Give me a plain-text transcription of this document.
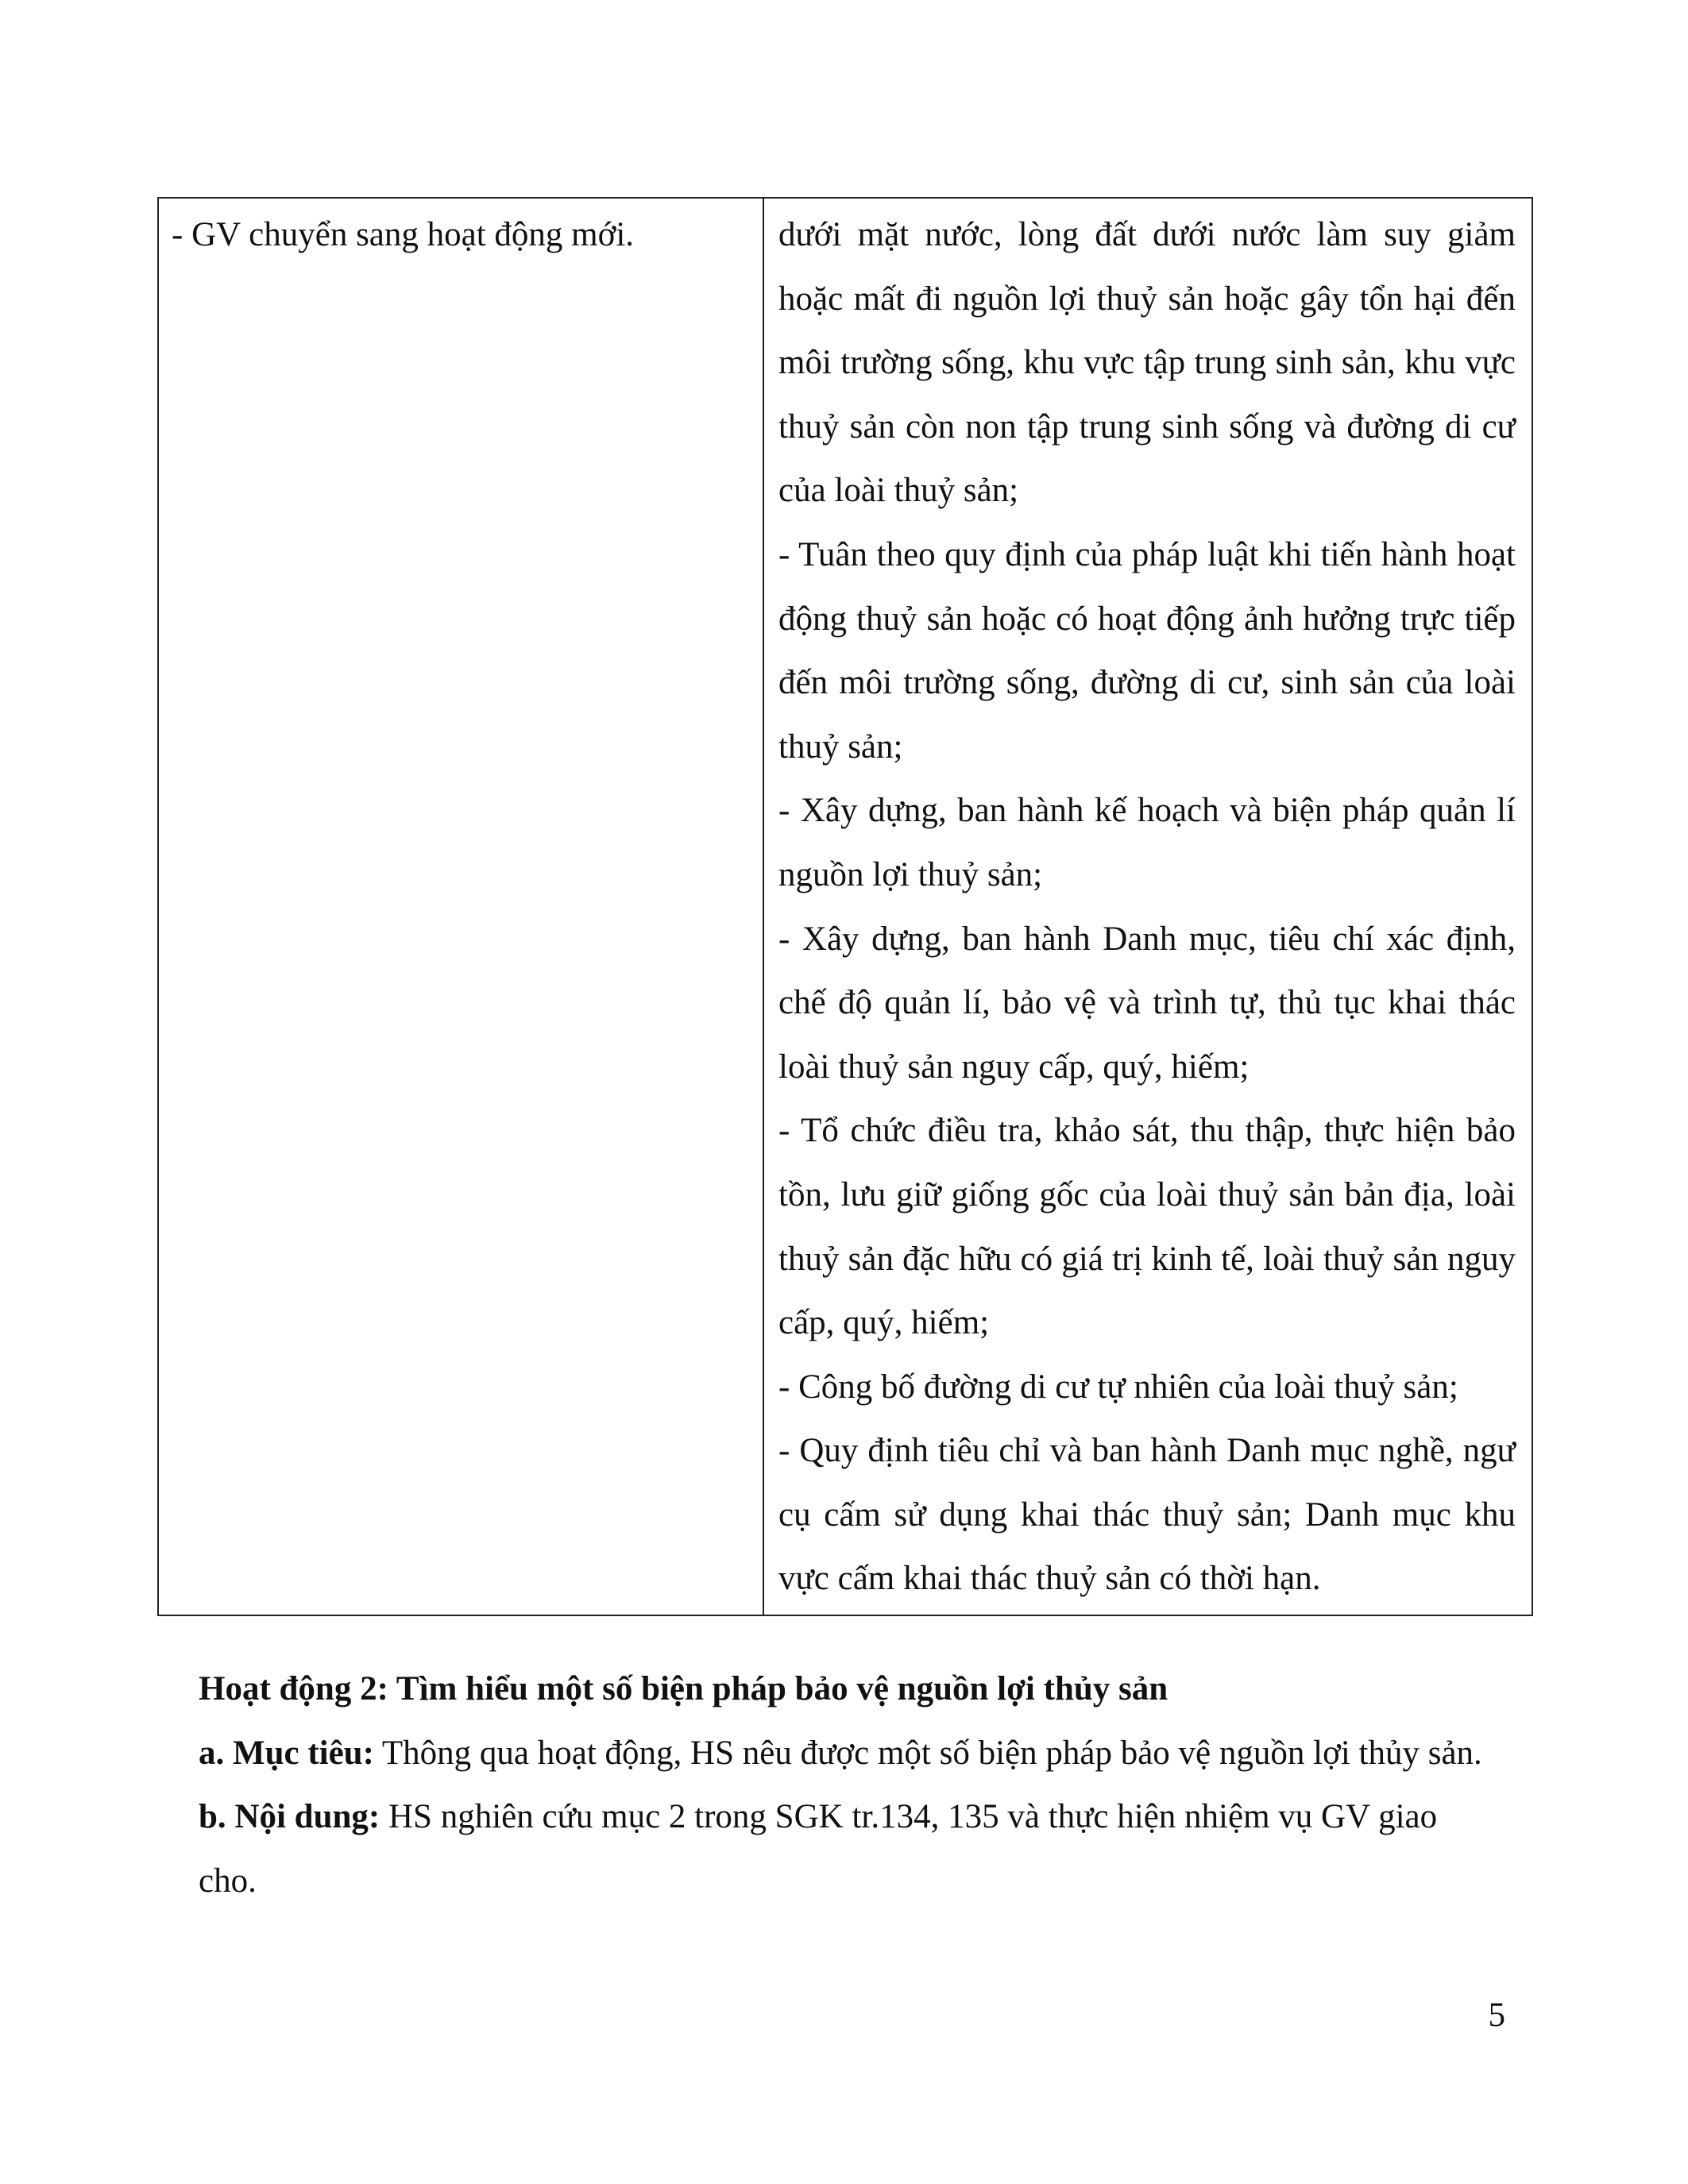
- GV chuyển sang hoạt động mới.	dưới mặt nước, lòng đất dưới nước làm suy giảm hoặc mất đi nguồn lợi thuỷ sản hoặc gây tổn hại đến môi trường sống, khu vực tập trung sinh sản, khu vực thuỷ sản còn non tập trung sinh sống và đường di cư của loài thuỷ sản;

- Tuân theo quy định của pháp luật khi tiến hành hoạt động thuỷ sản hoặc có hoạt động ảnh hưởng trực tiếp đến môi trường sống, đường di cư, sinh sản của loài thuỷ sản;

- Xây dựng, ban hành kế hoạch và biện pháp quản lí nguồn lợi thuỷ sản;

- Xây dựng, ban hành Danh mục, tiêu chí xác định, chế độ quản lí, bảo vệ và trình tự, thủ tục khai thác loài thuỷ sản nguy cấp, quý, hiếm;

- Tổ chức điều tra, khảo sát, thu thập, thực hiện bảo tồn, lưu giữ giống gốc của loài thuỷ sản bản địa, loài thuỷ sản đặc hữu có giá trị kinh tế, loài thuỷ sản nguy cấp, quý, hiếm;

- Công bố đường di cư tự nhiên của loài thuỷ sản;

- Quy định tiêu chỉ và ban hành Danh mục nghề, ngư cụ cấm sử dụng khai thác thuỷ sản; Danh mục khu vực cấm khai thác thuỷ sản có thời hạn.

Hoạt động 2: Tìm hiểu một số biện pháp bảo vệ nguồn lợi thủy sản

a. Mục tiêu: Thông qua hoạt động, HS nêu được một số biện pháp bảo vệ nguồn lợi thủy sản.

b. Nội dung: HS nghiên cứu mục 2 trong SGK tr.134, 135 và thực hiện nhiệm vụ GV giao cho.

5
